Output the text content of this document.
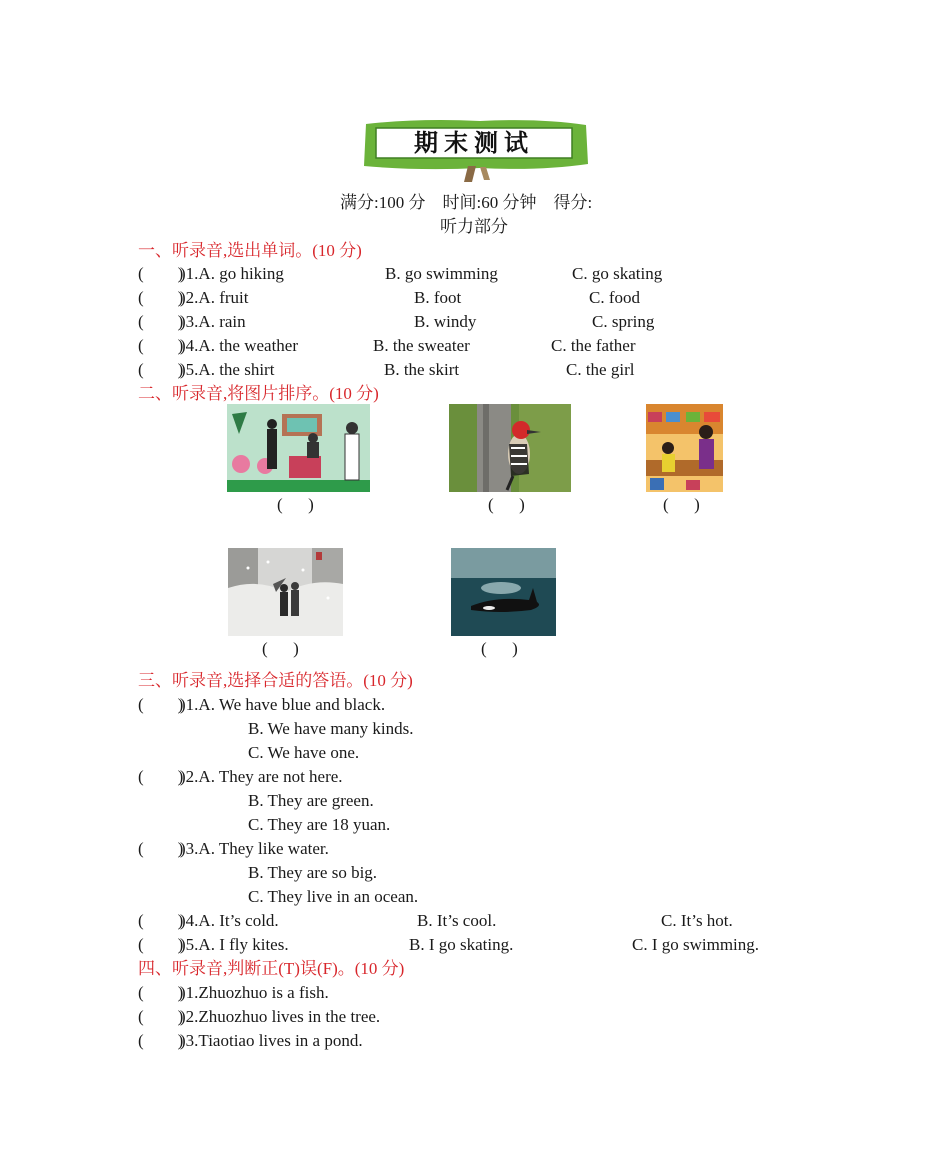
期末测试
满分:100 分    时间:60 分钟    得分:
听力部分
一、听录音,选出单词。(10 分)
(        )
)1.A. go hiking	B. go swimming	C. go skating
(        )
)2.A. fruit	B. foot	C. food
(        )
)3.A. rain	B. windy	C. spring
(        )
)4.A. the weather	B. the sweater	C. the father
(        )
)5.A. the shirt	B. the skirt	C. the girl
二、听录音,将图片排序。(10 分)
(      )	(      )	(      )
(      )	(      )
三、听录音,选择合适的答语。(10 分)
(        )
)1.A. We have blue and black.
B. We have many kinds.
C. We have one.
(        )
)2.A. They are not here.
B. They are green.
C. They are 18 yuan.
(        )
)3.A. They like water.
B. They are so big.
C. They live in an ocean.
(        )
)4.A. It’s cold.	B. It’s cool.	C. It’s hot.
(        )
)5.A. I fly kites.	B. I go skating.	C. I go swimming.
四、听录音,判断正(T)误(F)。(10 分)
(        )
)1.Zhuozhuo is a fish.
(        )
)2.Zhuozhuo lives in the tree.
(        )
)3.Tiaotiao lives in a pond.
